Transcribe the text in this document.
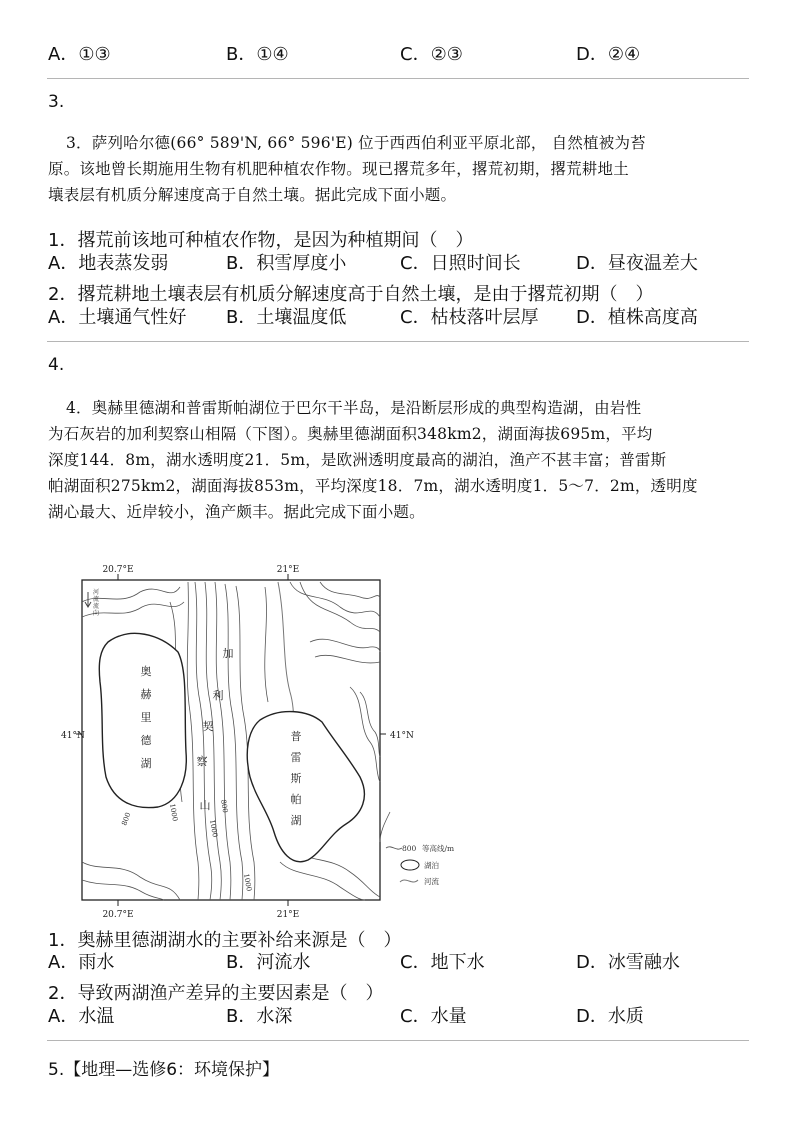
A．①③	B．①④	C．②③	D．②④
3.
3．萨列哈尔德(66° 589'N, 66° 596'E) 位于西西伯利亚平原北部， 自然植被为苔
原。该地曾长期施用生物有机肥种植农作物。现已撂荒多年，撂荒初期，撂荒耕地土
壤表层有机质分解速度高于自然土壤。据此完成下面小题。
1．撂荒前该地可种植农作物，是因为种植期间（　）
A．地表蒸发弱	B．积雪厚度小	C．日照时间长	D．昼夜温差大
2．撂荒耕地土壤表层有机质分解速度高于自然土壤，是由于撂荒初期（　）
A．土壤通气性好 B．土壤温度低	C．枯枝落叶层厚 D．植株高度高
4.
4．奥赫里德湖和普雷斯帕湖位于巴尔干半岛，是沿断层形成的典型构造湖，由岩性
为石灰岩的加利契察山相隔（下图）。奥赫里德湖面积348km2，湖面海拔695m，平均
深度144．8m，湖水透明度21．5m，是欧洲透明度最高的湖泊，渔产不甚丰富；普雷斯
帕湖面积275km2，湖面海拔853m，平均深度18．7m，湖水透明度1．5～7．2m，透明度
湖心最大、近岸较小，渔产颇丰。据此完成下面小题。
20.7°E	21°E
20.7°E	21°E
41°N	41°N
河
流
流
向
奥
赫
里
德
湖
普
雷
斯
帕
湖
加
利
契
察
山
800	1000
1000
800
1000
800 等高线/m
湖泊
河流
1．奥赫里德湖湖水的主要补给来源是（　）
A．雨水	B．河流水	C．地下水	D．冰雪融水
2．导致两湖渔产差异的主要因素是（　）
A．水温	B．水深	C．水量	D．水质
5.【地理—选修6：环境保护】
